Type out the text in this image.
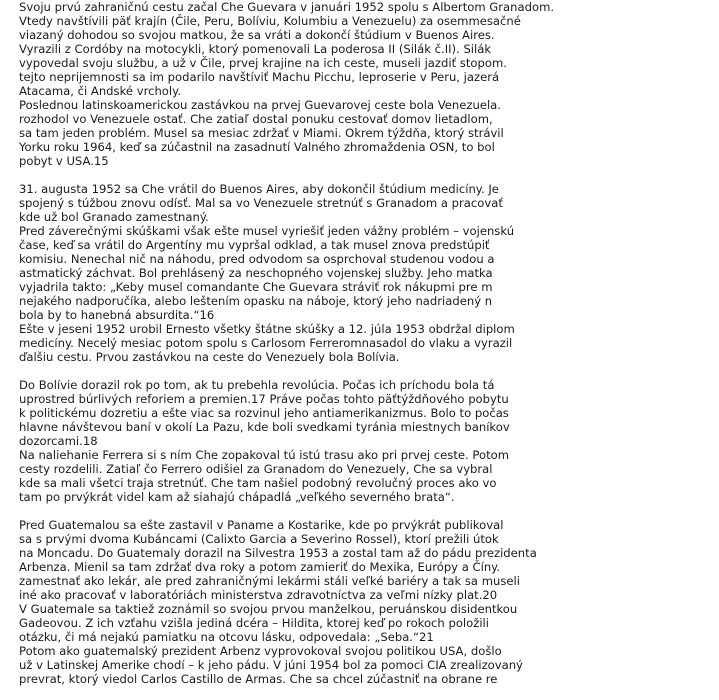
Svoju prvú zahraničnú cestu začal Che Guevara v januári 1952 spolu s Albertom Granadom.
Vtedy navštívili päť krajín (Čile, Peru, Bolíviu, Kolumbiu a Venezuelu) za osemmesačné
viazaný dohodou so svojou matkou, že sa vráti a dokončí štúdium v Buenos Aires.
Vyrazili z Cordóby na motocykli, ktorý pomenovali La poderosa II (Silák č.II). Silák
vypovedal svoju službu, a už v Čile, prvej krajine na ich ceste, museli jazdiť stopom.
tejto neprijemnosti sa im podarilo navštíviť Machu Picchu, leproserie v Peru, jazerá
Atacama, či Andské vrcholy.
Poslednou latinskoamerickou zastávkou na prvej Guevarovej ceste bola Venezuela.
rozhodol vo Venezuele ostať. Che zatiaľ dostal ponuku cestovať domov lietadlom,
sa tam jeden problém. Musel sa mesiac zdržať v Miami. Okrem týždňa, ktorý strávil
Yorku roku 1964, keď sa zúčastnil na zasadnutí Valného zhromaždenia OSN, to bol
pobyt v USA.15
31. augusta 1952 sa Che vrátil do Buenos Aires, aby dokončil štúdium medicíny. Je
spojený s túžbou znovu odísť. Mal sa vo Venezuele stretnúť s Granadom a pracovať
kde už bol Granado zamestnaný.
Pred záverečnými skúškami však ešte musel vyriešiť jeden vážny problém – vojenskú
čase, keď sa vrátil do Argentíny mu vypršal odklad, a tak musel znova predstúpiť
komisiu. Nenechal nič na náhodu, pred odvodom sa osprchoval studenou vodou a
astmatický záchvat. Bol prehlásený za neschopného vojenskej služby. Jeho matka
vyjadrila takto: „Keby musel comandante Che Guevara stráviť rok nákupmi pre m
nejakého nadporučíka, alebo leštením opasku na náboje, ktorý jeho nadriadený n
bola by to hanebná absurdita.“16
Ešte v jeseni 1952 urobil Ernesto všetky štátne skúšky a 12. júla 1953 obdržal diplom
medicíny. Necelý mesiac potom spolu s Carlosom Ferreromnasadol do vlaku a vyrazil
ďalšiu cestu. Prvou zastávkou na ceste do Venezuely bola Bolívia.
Do Bolívie dorazil rok po tom, ak tu prebehla revolúcia. Počas ich príchodu bola tá
uprostred búrlivých reforiem a premien.17 Práve počas tohto päťtýždňového pobytu
k politickému dozretiu a ešte viac sa rozvinul jeho antiamerikanizmus. Bolo to počas
hlavne návštevou baní v okolí La Pazu, kde boli svedkami tyránia miestnych baníkov
dozorcami.18
Na naliehanie Ferrera si s ním Che zopakoval tú istú trasu ako pri prvej ceste. Potom
cesty rozdelili. Zatiaľ čo Ferrero odišiel za Granadom do Venezuely, Che sa vybral
kde sa mali všetci traja stretnúť. Che tam našiel podobný revolučný proces ako vo
tam po prvýkrát videl kam až siahajú chápadlá „veľkého severného brata“.
Pred Guatemalou sa ešte zastavil v Paname a Kostarike, kde po prvýkrát publikoval
sa s prvými dvoma Kubáncami (Calixto Garcia a Severino Rossel), ktorí prežili útok
na Moncadu. Do Guatemaly dorazil na Silvestra 1953 a zostal tam až do pádu prezidenta
Arbenza. Mienil sa tam zdržať dva roky a potom zamieriť do Mexika, Európy a Číny.
zamestnať ako lekár, ale pred zahraničnými lekármi stáli veľké bariéry a tak sa museli
iné ako pracovať v laboratóriách ministerstva zdravotníctva za veľmi nízky plat.20
V Guatemale sa taktiež zoznámil so svojou prvou manželkou, peruánskou disidentkou
Gadeovou. Z ich vzťahu vzišla jediná dcéra – Hildita, ktorej keď po rokoch položili
otázku, či má nejakú pamiatku na otcovu lásku, odpovedala: „Seba.“21
Potom ako guatemalský prezident Arbenz vyprovokoval svojou politikou USA, došlo
už v Latinskej Amerike chodí – k jeho pádu. V júni 1954 bol za pomoci CIA zrealizovaný
prevrat, ktorý viedol Carlos Castillo de Armas. Che sa chcel zúčastniť na obrane re
